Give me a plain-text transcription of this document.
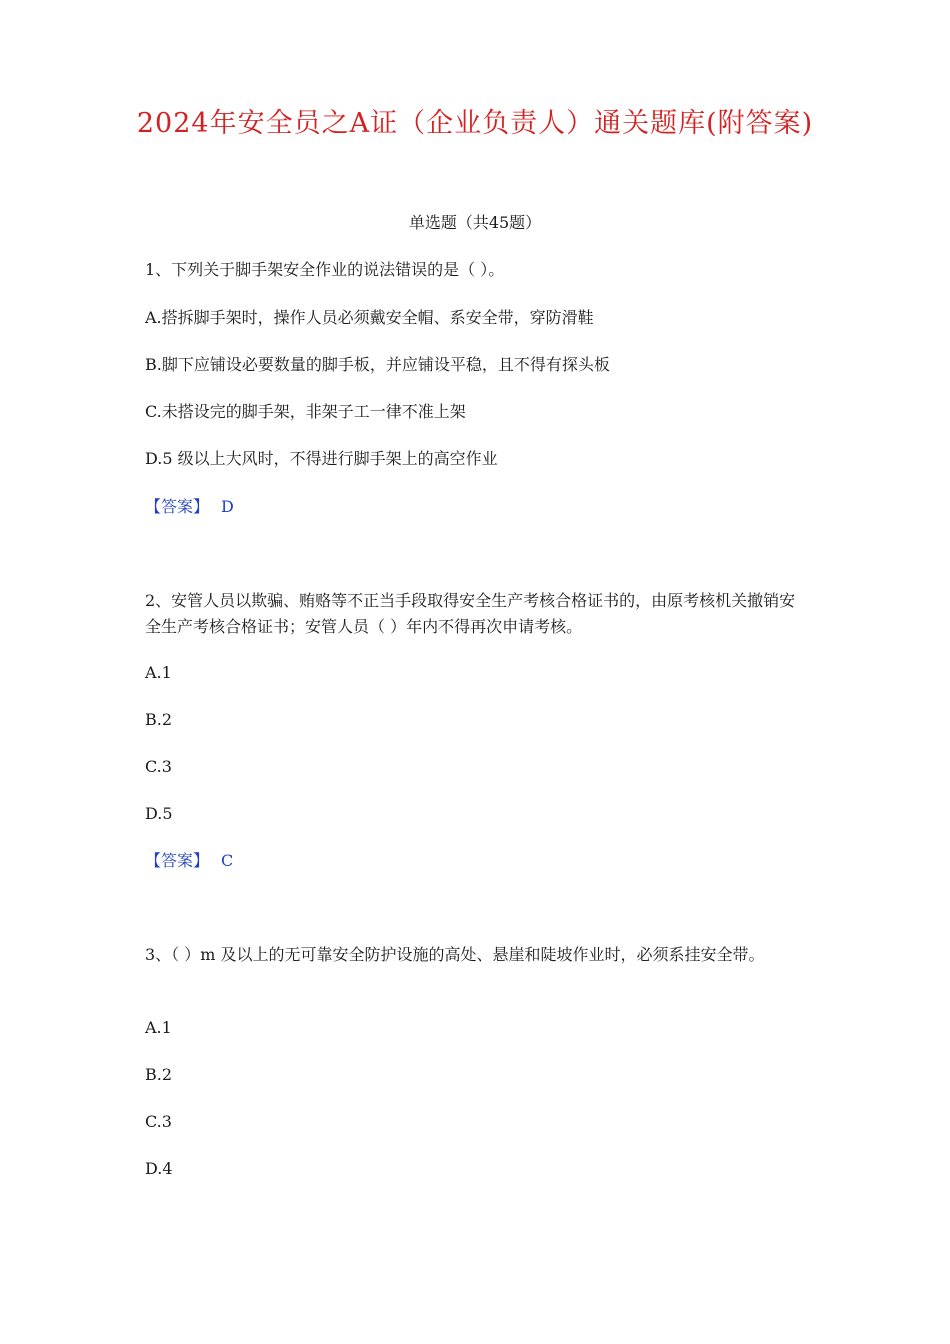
2024年安全员之A证（企业负责人）通关题库(附答案)
单选题（共45题）
1、下列关于脚手架安全作业的说法错误的是（ ）。
A.搭拆脚手架时，操作人员必须戴安全帽、系安全带，穿防滑鞋
B.脚下应铺设必要数量的脚手板，并应铺设平稳，且不得有探头板
C.未搭设完的脚手架，非架子工一律不准上架
D.5 级以上大风时，不得进行脚手架上的高空作业
【答案】 D
2、安管人员以欺骗、贿赂等不正当手段取得安全生产考核合格证书的，由原考核机关撤销安全生产考核合格证书；安管人员（ ）年内不得再次申请考核。
A.1
B.2
C.3
D.5
【答案】 C
3、（ ）m 及以上的无可靠安全防护设施的高处、悬崖和陡坡作业时，必须系挂安全带。
A.1
B.2
C.3
D.4
